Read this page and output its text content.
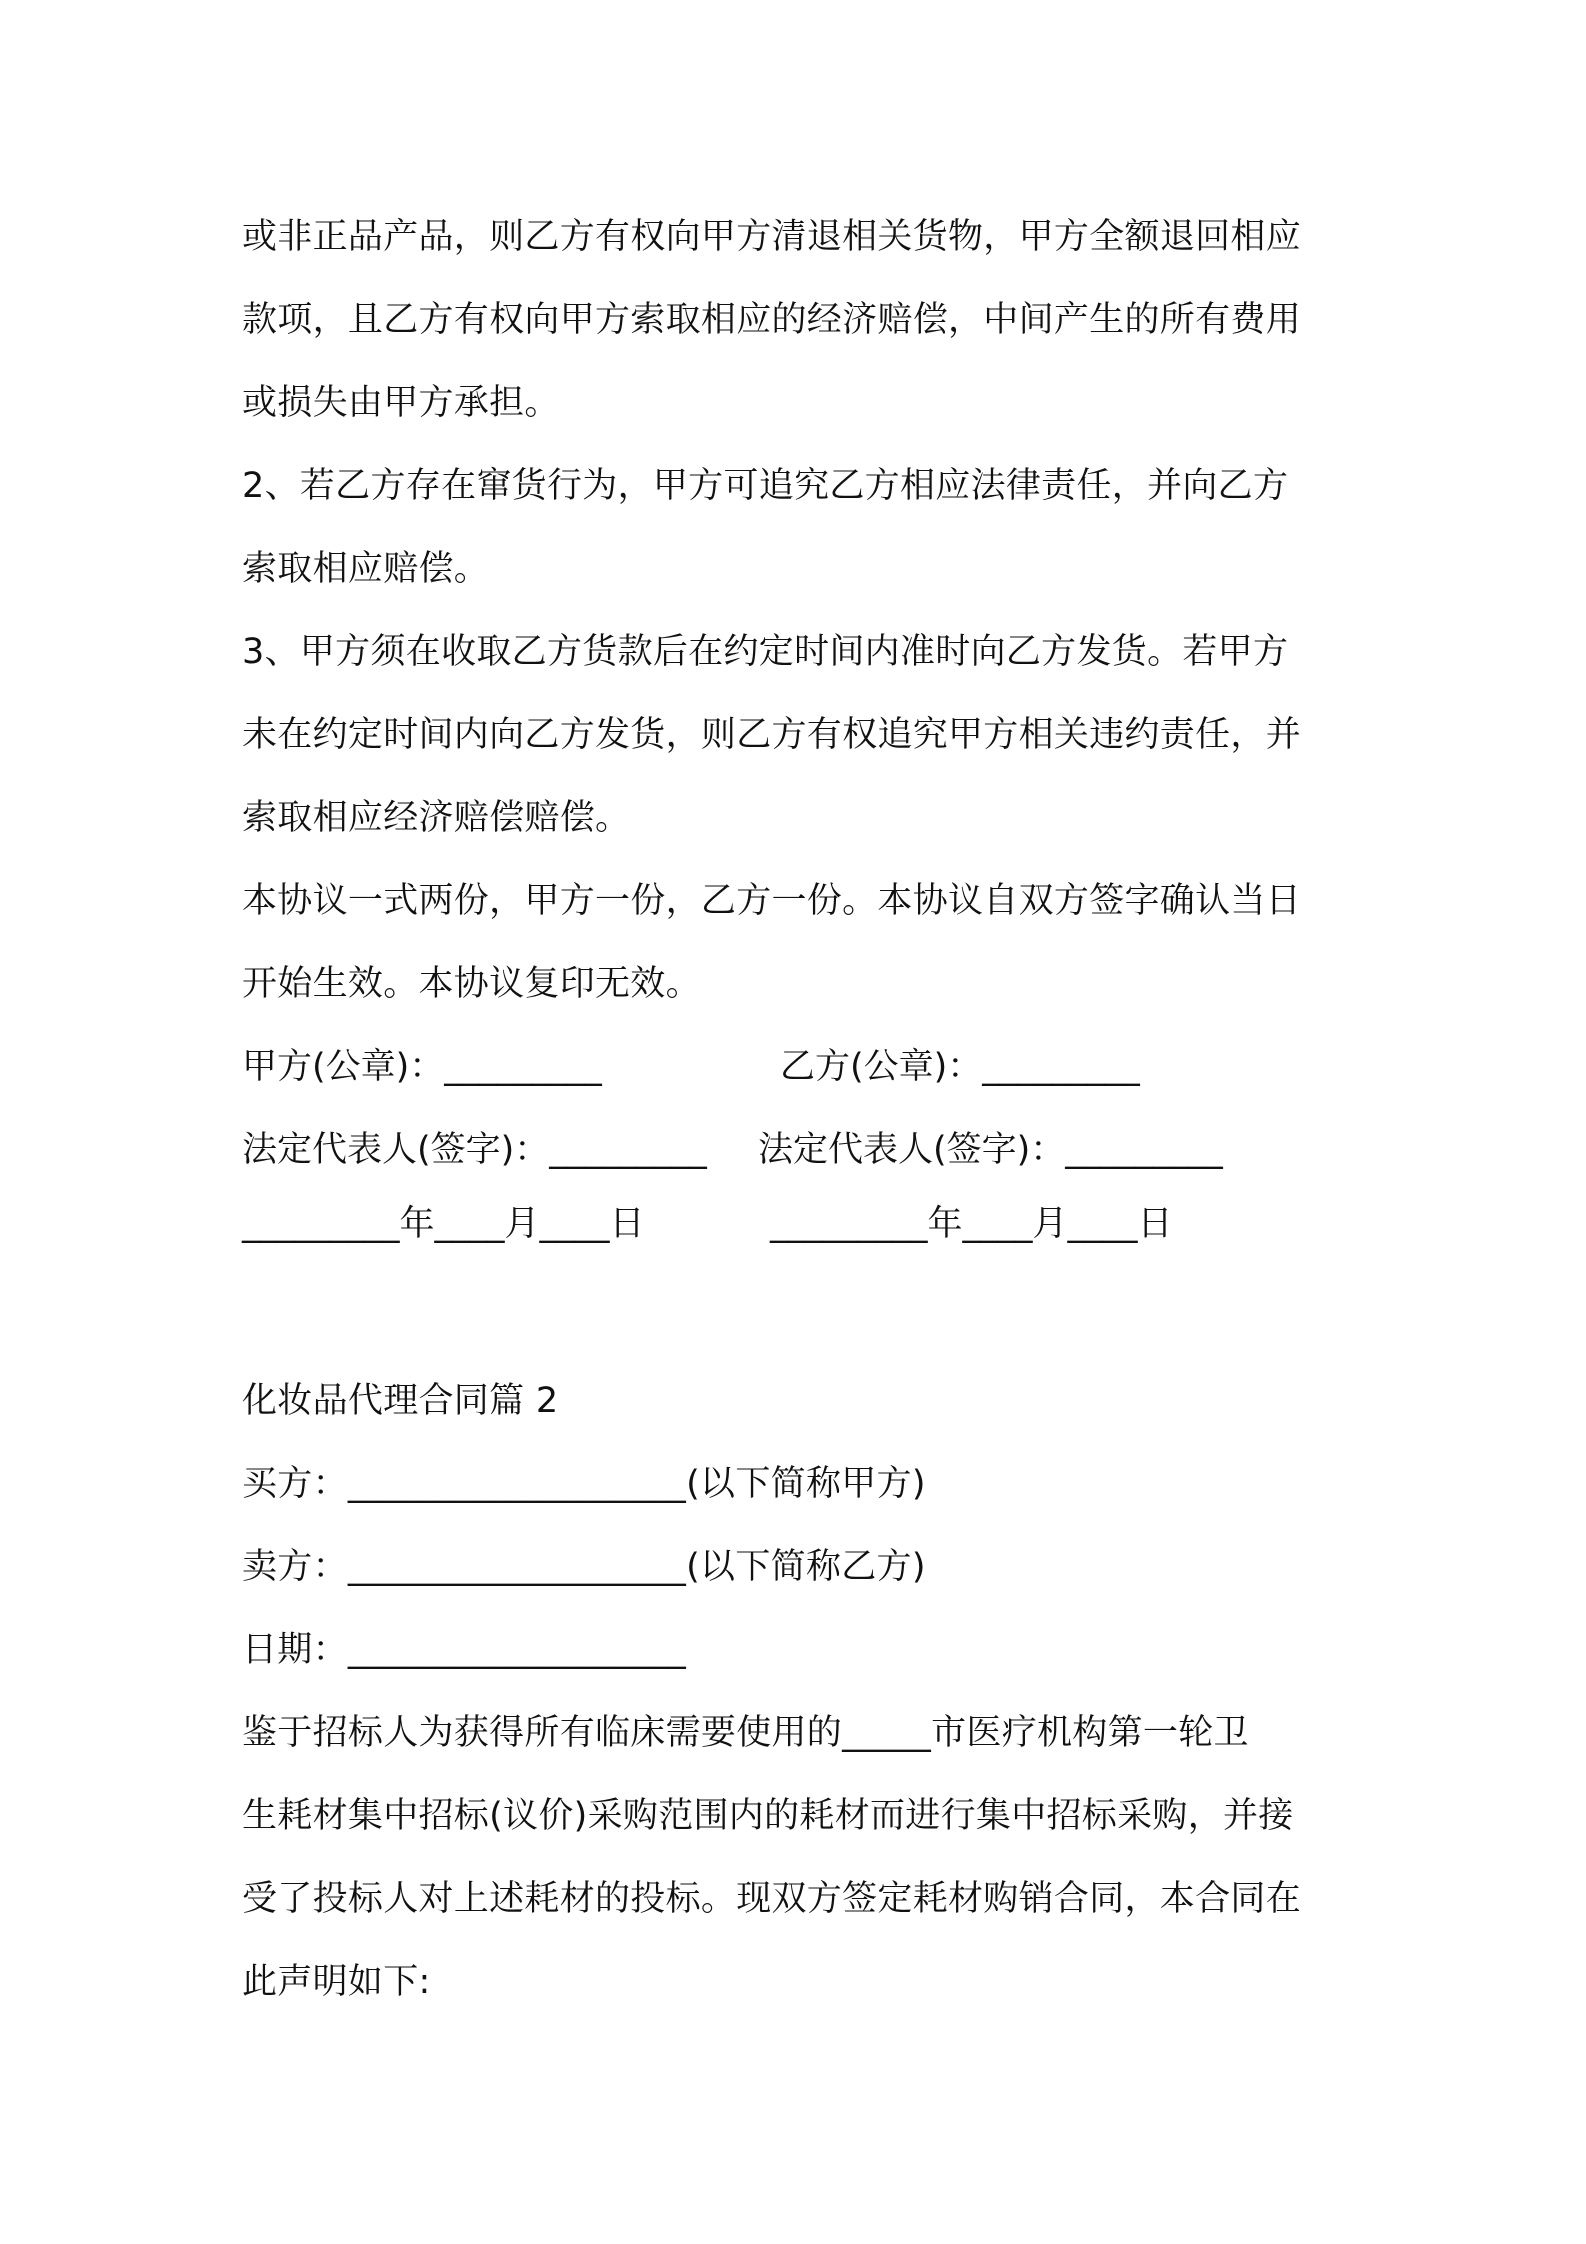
或非正品产品，则乙方有权向甲方清退相关货物，甲方全额退回相应
款项，且乙方有权向甲方索取相应的经济赔偿，中间产生的所有费用
或损失由甲方承担。
2、若乙方存在窜货行为，甲方可追究乙方相应法律责任，并向乙方
索取相应赔偿。
3、甲方须在收取乙方货款后在约定时间内准时向乙方发货。若甲方
未在约定时间内向乙方发货，则乙方有权追究甲方相关违约责任，并
索取相应经济赔偿赔偿。
本协议一式两份，甲方一份，乙方一份。本协议自双方签字确认当日
开始生效。本协议复印无效。

甲方(公章)：_________

	乙方(公章)：_________

法定代表人(签字)：_________

法定代表人(签字)：_________

_________年____月____日

	_________年____月____日

化妆品代理合同篇 2
买方：___________________(以下简称甲方)
卖方：___________________(以下简称乙方)
日期：___________________
鉴于招标人为获得所有临床需要使用的_____市医疗机构第一轮卫
生耗材集中招标(议价)采购范围内的耗材而进行集中招标采购，并接
受了投标人对上述耗材的投标。现双方签定耗材购销合同，本合同在
此声明如下:
